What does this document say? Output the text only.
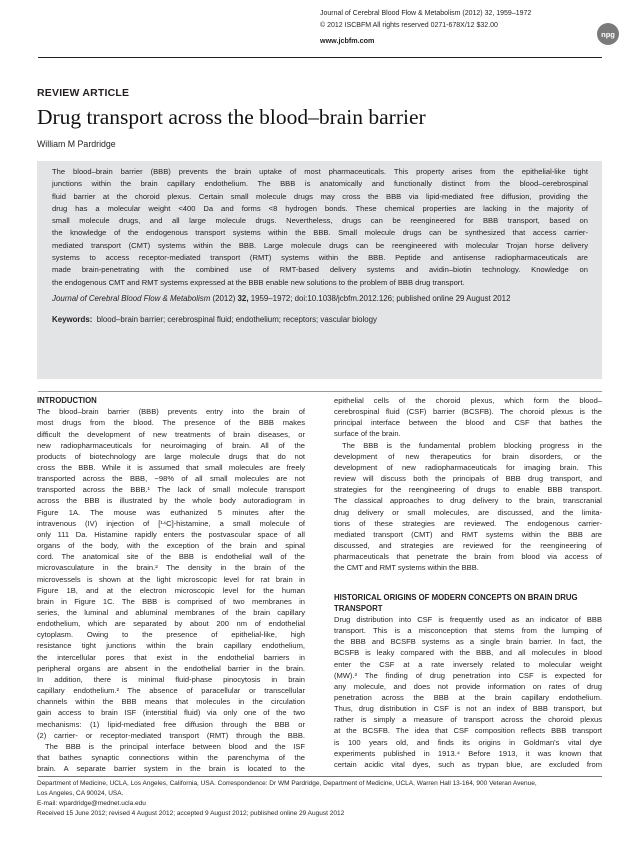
Journal of Cerebral Blood Flow & Metabolism (2012) 32, 1959–1972
© 2012 ISCBFM All rights reserved 0271-678X/12 $32.00
www.jcbfm.com
npg
REVIEW ARTICLE
Drug transport across the blood–brain barrier
William M Pardridge
The blood–brain barrier (BBB) prevents the brain uptake of most pharmaceuticals. This property arises from the epithelial-like tight
junctions within the brain capillary endothelium. The BBB is anatomically and functionally distinct from the blood–cerebrospinal
fluid barrier at the choroid plexus. Certain small molecule drugs may cross the BBB via lipid-mediated free diffusion, providing the
drug has a molecular weight <400 Da and forms <8 hydrogen bonds. These chemical properties are lacking in the majority of
small molecule drugs, and all large molecule drugs. Nevertheless, drugs can be reengineered for BBB transport, based on
the knowledge of the endogenous transport systems within the BBB. Small molecule drugs can be synthesized that access carrier-
mediated transport (CMT) systems within the BBB. Large molecule drugs can be reengineered with molecular Trojan horse delivery
systems to access receptor-mediated transport (RMT) systems within the BBB. Peptide and antisense radiopharmaceuticals are
made brain-penetrating with the combined use of RMT-based delivery systems and avidin–biotin technology. Knowledge on
the endogenous CMT and RMT systems expressed at the BBB enable new solutions to the problem of BBB drug transport.
Journal of Cerebral Blood Flow & Metabolism (2012) 32, 1959–1972; doi:10.1038/jcbfm.2012.126; published online 29 August 2012
Keywords: blood–brain barrier; cerebrospinal fluid; endothelium; receptors; vascular biology
INTRODUCTION
The blood–brain barrier (BBB) prevents entry into the brain of
most drugs from the blood. The presence of the BBB makes
difficult the development of new treatments of brain diseases, or
new radiopharmaceuticals for neuroimaging of brain. All of the
products of biotechnology are large molecule drugs that do not
cross the BBB. While it is assumed that small molecules are freely
transported across the BBB, ~98% of all small molecules are not
transported across the BBB.¹ The lack of small molecule transport
across the BBB is illustrated by the whole body autoradiogram in
Figure 1A. The mouse was euthanized 5 minutes after the
intravenous (IV) injection of [¹⁴C]-histamine, a small molecule of
only 111 Da. Histamine rapidly enters the postvascular space of all
organs of the body, with the exception of the brain and spinal
cord. The anatomical site of the BBB is endothelial wall of the
microvasculature in the brain.² The density in the brain of the
microvessels is shown at the light microscopic level for rat brain in
Figure 1B, and at the electron microscopic level for the human
brain in Figure 1C. The BBB is comprised of two membranes in
series, the luminal and abluminal membranes of the brain capillary
endothelium, which are separated by about 200 nm of endothelial
cytoplasm. Owing to the presence of epithelial-like, high
resistance tight junctions within the brain capillary endothelium,
the intercellular pores that exist in the endothelial barriers in
peripheral organs are absent in the endothelial barrier in the brain.
In addition, there is minimal fluid-phase pinocytosis in brain
capillary endothelium.² The absence of paracellular or transcellular
channels within the BBB means that molecules in the circulation
gain access to brain ISF (interstitial fluid) via only one of the two
mechanisms: (1) lipid-mediated free diffusion through the BBB or
(2) carrier- or receptor-mediated transport (RMT) through the BBB.
The BBB is the principal interface between blood and the ISF
that bathes synaptic connections within the parenchyma of the
brain. A separate barrier system in the brain is located to the
epithelial cells of the choroid plexus, which form the blood–
cerebrospinal fluid (CSF) barrier (BCSFB). The choroid plexus is the
principal interface between the blood and CSF that bathes the
surface of the brain.
The BBB is the fundamental problem blocking progress in the
development of new therapeutics for brain disorders, or the
development of new radiopharmaceuticals for imaging brain. This
review will discuss both the principals of BBB drug transport, and
strategies for the reengineering of drugs to enable BBB transport.
The classical approaches to drug delivery to the brain, transcranial
drug delivery or small molecules, are discussed, and the limita-
tions of these strategies are reviewed. The endogenous carrier-
mediated transport (CMT) and RMT systems within the BBB are
discussed, and strategies are reviewed for the reengineering of
pharmaceuticals that penetrate the brain from blood via access of
the CMT and RMT systems within the BBB.
HISTORICAL ORIGINS OF MODERN CONCEPTS ON BRAIN DRUG
TRANSPORT
Drug distribution into CSF is frequently used as an indicator of BBB
transport. This is a misconception that stems from the lumping of
the BBB and BCSFB systems as a single brain barrier. In fact, the
BCSFB is leaky compared with the BBB, and all molecules in blood
enter the CSF at a rate inversely related to molecular weight
(MW).³ The finding of drug penetration into CSF is expected for
any molecule, and does not provide information on rates of drug
penetration across the BBB at the brain capillary endothelium.
Thus, drug distribution in CSF is not an index of BBB transport, but
rather is simply a measure of transport across the choroid plexus
at the BCSFB. The idea that CSF composition reflects BBB transport
is 100 years old, and finds its origins in Goldman's vital dye
experiments published in 1913.⁴ Before 1913, it was known that
certain acidic vital dyes, such as trypan blue, are excluded from
Department of Medicine, UCLA, Los Angeles, California, USA. Correspondence: Dr WM Pardridge, Department of Medicine, UCLA, Warren Hall 13-164, 900 Veteran Avenue,
Los Angeles, CA 90024, USA.
E-mail: wpardridge@mednet.ucla.edu
Received 15 June 2012; revised 4 August 2012; accepted 9 August 2012; published online 29 August 2012
